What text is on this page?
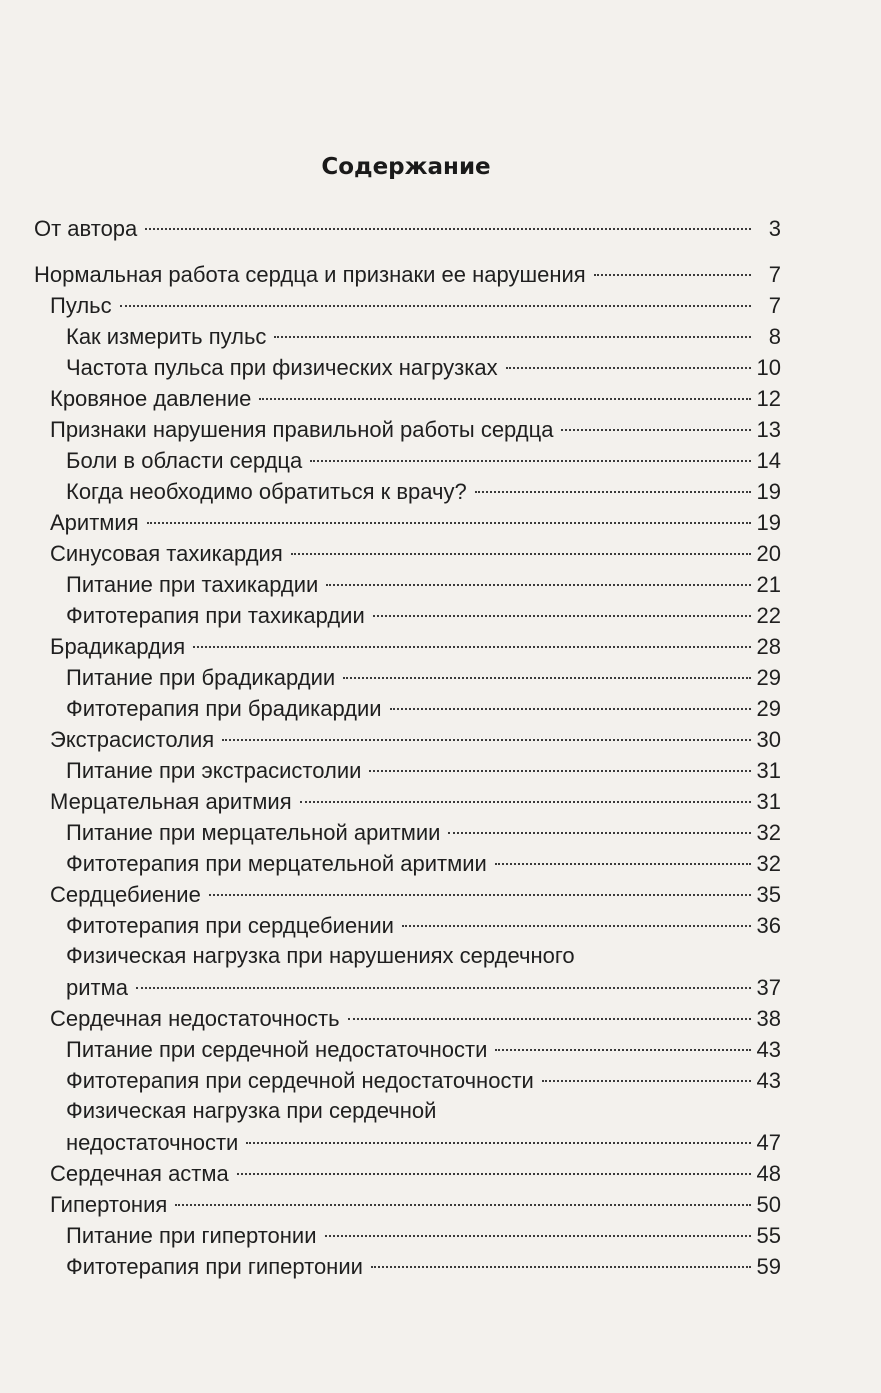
Содержание
От автора	3
Нормальная работа сердца и признаки ее нарушения	7
Пульс	7
Как измерить пульс	8
Частота пульса при физических нагрузках	10
Кровяное давление	12
Признаки нарушения правильной работы сердца	13
Боли в области сердца	14
Когда необходимо обратиться к врачу?	19
Аритмия	19
Синусовая тахикардия	20
Питание при тахикардии	21
Фитотерапия при тахикардии	22
Брадикардия	28
Питание при брадикардии	29
Фитотерапия при брадикардии	29
Экстрасистолия	30
Питание при экстрасистолии	31
Мерцательная аритмия	31
Питание при мерцательной аритмии	32
Фитотерапия при мерцательной аритмии	32
Сердцебиение	35
Фитотерапия при сердцебиении	36
Физическая нагрузка при нарушениях сердечного
ритма	37
Сердечная недостаточность	38
Питание при сердечной недостаточности	43
Фитотерапия при сердечной недостаточности	43
Физическая нагрузка при сердечной
недостаточности	47
Сердечная астма	48
Гипертония	50
Питание при гипертонии	55
Фитотерапия при гипертонии	59
